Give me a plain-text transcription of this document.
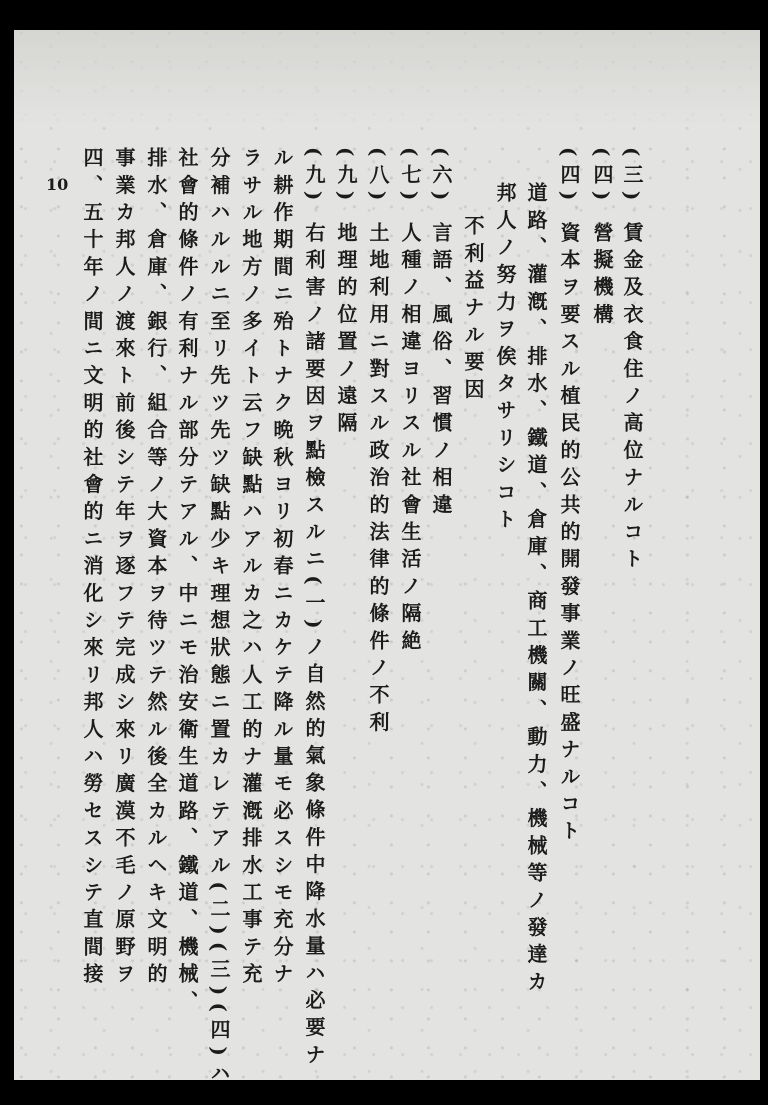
10	(三) 賃金及衣食住ノ高位ナルコト
(四) 營擬機構
(四) 資本ヲ要スル植民的公共的開發事業ノ旺盛ナルコト
道路、灌漑、排水、鐵道、倉庫、商工機關、動力、機械等ノ發達カ
邦人ノ努力ヲ俟タサリシコト
不利益ナル要因
(六) 言語、風俗、習慣ノ相違
(七) 人種ノ相違ヨリスル社會生活ノ隔絶
(八) 土地利用ニ對スル政治的法律的條件ノ不利
(九) 地理的位置ノ遠隔
(九) 右利害ノ諸要因ヲ點檢スルニ(一)ノ自然的氣象條件中降水量ハ必要ナ
ル耕作期間ニ殆トナク晩秋ヨリ初春ニカケテ降ル量モ必スシモ充分ナ
ラサル地方ノ多イト云フ缺點ハアルカ之ハ人工的ナ灌漑排水工事テ充
分補ハルルニ至リ先ツ先ツ缺點少キ理想狀態ニ置カレテアル(二)(三)(四)ハ
社會的條件ノ有利ナル部分テアル、中ニモ治安衛生道路、鐵道、機械、
排水、倉庫、銀行、組合等ノ大資本ヲ待ツテ然ル後全カルヘキ文明的
事業カ邦人ノ渡來ト前後シテ年ヲ逐フテ完成シ來リ廣漠不毛ノ原野ヲ
四、五十年ノ間ニ文明的社會的ニ消化シ來リ邦人ハ勞セスシテ直間接
